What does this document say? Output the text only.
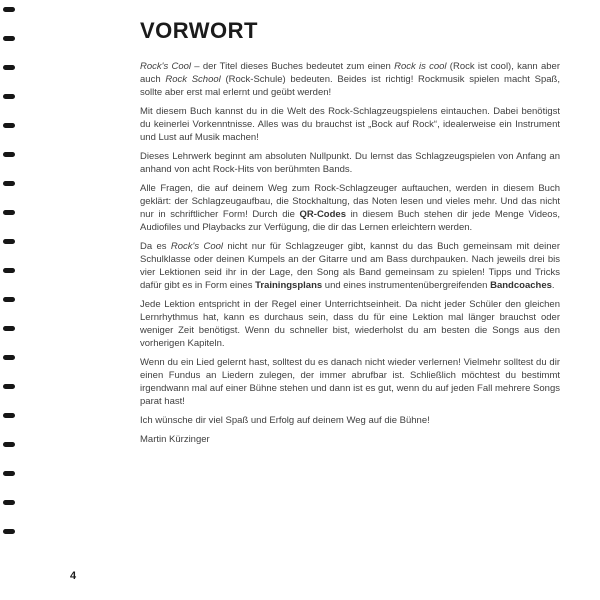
VORWORT

Rock's Cool – der Titel dieses Buches bedeutet zum einen Rock is cool (Rock ist cool), kann aber auch Rock School (Rock-Schule) bedeuten. Beides ist richtig! Rockmusik spielen macht Spaß, sollte aber erst mal erlernt und geübt werden!

Mit diesem Buch kannst du in die Welt des Rock-Schlagzeugspielens eintauchen. Dabei benötigst du keinerlei Vorkenntnisse. Alles was du brauchst ist „Bock auf Rock“, idealerweise ein Instrument und Lust auf Musik machen!

Dieses Lehrwerk beginnt am absoluten Nullpunkt. Du lernst das Schlagzeugspielen von Anfang an anhand von acht Rock-Hits von berühmten Bands.

Alle Fragen, die auf deinem Weg zum Rock-Schlagzeuger auftauchen, werden in diesem Buch geklärt: der Schlagzeugaufbau, die Stockhaltung, das Noten lesen und vieles mehr. Und das nicht nur in schriftlicher Form! Durch die QR-Codes in diesem Buch stehen dir jede Menge Videos, Audiofiles und Playbacks zur Verfügung, die dir das Lernen erleichtern werden.

Da es Rock's Cool nicht nur für Schlagzeuger gibt, kannst du das Buch gemeinsam mit deiner Schulklasse oder deinen Kumpels an der Gitarre und am Bass durchpauken. Nach jeweils drei bis vier Lektionen seid ihr in der Lage, den Song als Band gemeinsam zu spielen! Tipps und Tricks dafür gibt es in Form eines Trainingsplans und eines instrumentenübergreifenden Bandcoaches.

Jede Lektion entspricht in der Regel einer Unterrichtseinheit. Da nicht jeder Schüler den gleichen Lernrhythmus hat, kann es durchaus sein, dass du für eine Lektion mal länger brauchst oder weniger Zeit benötigst. Wenn du schneller bist, wiederholst du am besten die Songs aus den vorherigen Kapiteln.

Wenn du ein Lied gelernt hast, solltest du es danach nicht wieder verlernen! Vielmehr solltest du dir einen Fundus an Liedern zulegen, der immer abrufbar ist. Schließlich möchtest du bestimmt irgendwann mal auf einer Bühne stehen und dann ist es gut, wenn du auf jeden Fall mehrere Songs parat hast!

Ich wünsche dir viel Spaß und Erfolg auf deinem Weg auf die Bühne!

Martin Kürzinger

4
